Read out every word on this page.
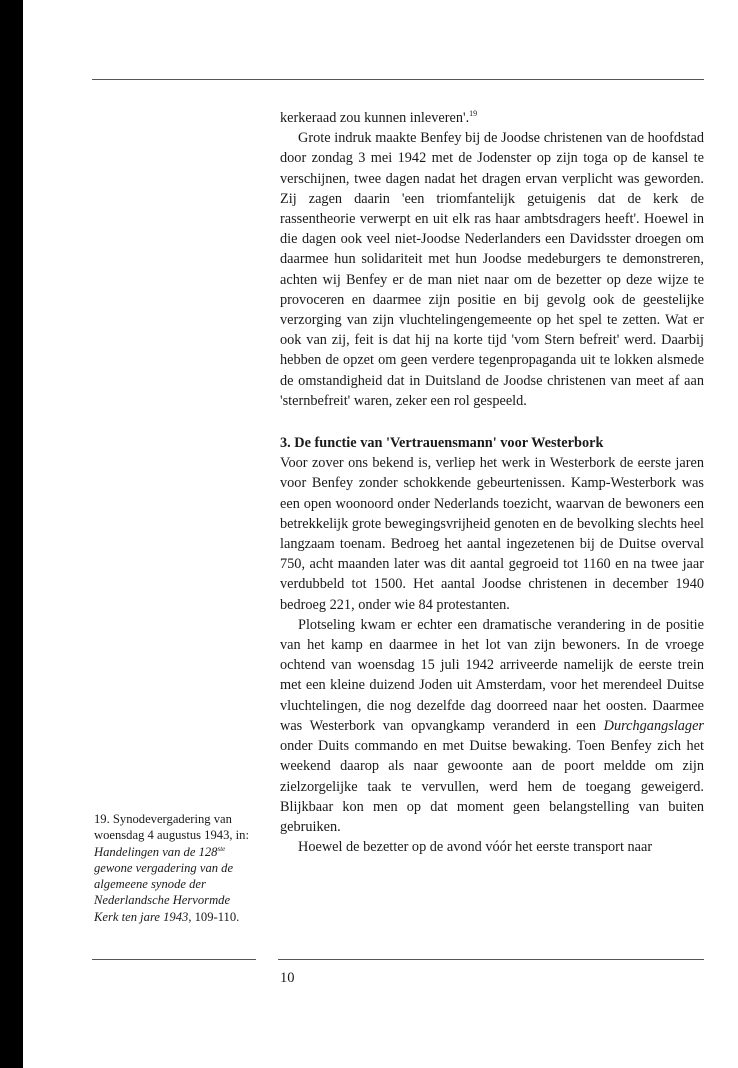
kerkeraad zou kunnen inleveren'.$^{19}$

Grote indruk maakte Benfey bij de Joodse christenen van de hoofdstad door zondag 3 mei 1942 met de Jodenster op zijn toga op de kansel te verschijnen, twee dagen nadat het dragen ervan verplicht was geworden. Zij zagen daarin 'een triomfantelijk getuigenis dat de kerk de rassentheorie verwerpt en uit elk ras haar ambtsdragers heeft'. Hoewel in die dagen ook veel niet-Joodse Nederlanders een Davidsster droegen om daarmee hun solidariteit met hun Joodse medeburgers te demonstreren, achten wij Benfey er de man niet naar om de bezetter op deze wijze te provoceren en daarmee zijn positie en bij gevolg ook de geestelijke verzorging van zijn vluchtelingengemeente op het spel te zetten. Wat er ook van zij, feit is dat hij na korte tijd 'vom Stern befreit' werd. Daarbij hebben de opzet om geen verdere tegenpropaganda uit te lokken alsmede de omstandigheid dat in Duitsland de Joodse christenen van meet af aan 'sternbefreit' waren, zeker een rol gespeeld.

3. De functie van 'Vertrauensmann' voor Westerbork

Voor zover ons bekend is, verliep het werk in Westerbork de eerste jaren voor Benfey zonder schokkende gebeurtenissen. Kamp-Westerbork was een open woonoord onder Nederlands toezicht, waarvan de bewoners een betrekkelijk grote bewegingsvrijheid genoten en de bevolking slechts heel langzaam toenam. Bedroeg het aantal ingezetenen bij de Duitse overval 750, acht maanden later was dit aantal gegroeid tot 1160 en na twee jaar verdubbeld tot 1500. Het aantal Joodse christenen in december 1940 bedroeg 221, onder wie 84 protestanten.

Plotseling kwam er echter een dramatische verandering in de positie van het kamp en daarmee in het lot van zijn bewoners. In de vroege ochtend van woensdag 15 juli 1942 arriveerde namelijk de eerste trein met een kleine duizend Joden uit Amsterdam, voor het merendeel Duitse vluchtelingen, die nog dezelfde dag doorreed naar het oosten. Daarmee was Westerbork van opvangkamp veranderd in een Durchgangslager onder Duits commando en met Duitse bewaking. Toen Benfey zich het weekend daarop als naar gewoonte aan de poort meldde om zijn zielzorgelijke taak te vervullen, werd hem de toegang geweigerd. Blijkbaar kon men op dat moment geen belangstelling van buiten gebruiken.

Hoewel de bezetter op de avond vóór het eerste transport naar

19. Synodevergadering van woensdag 4 augustus 1943, in: Handelingen van de 128ste gewone vergadering van de algemeene synode der Nederlandsche Hervormde Kerk ten jare 1943, 109-110.
10
